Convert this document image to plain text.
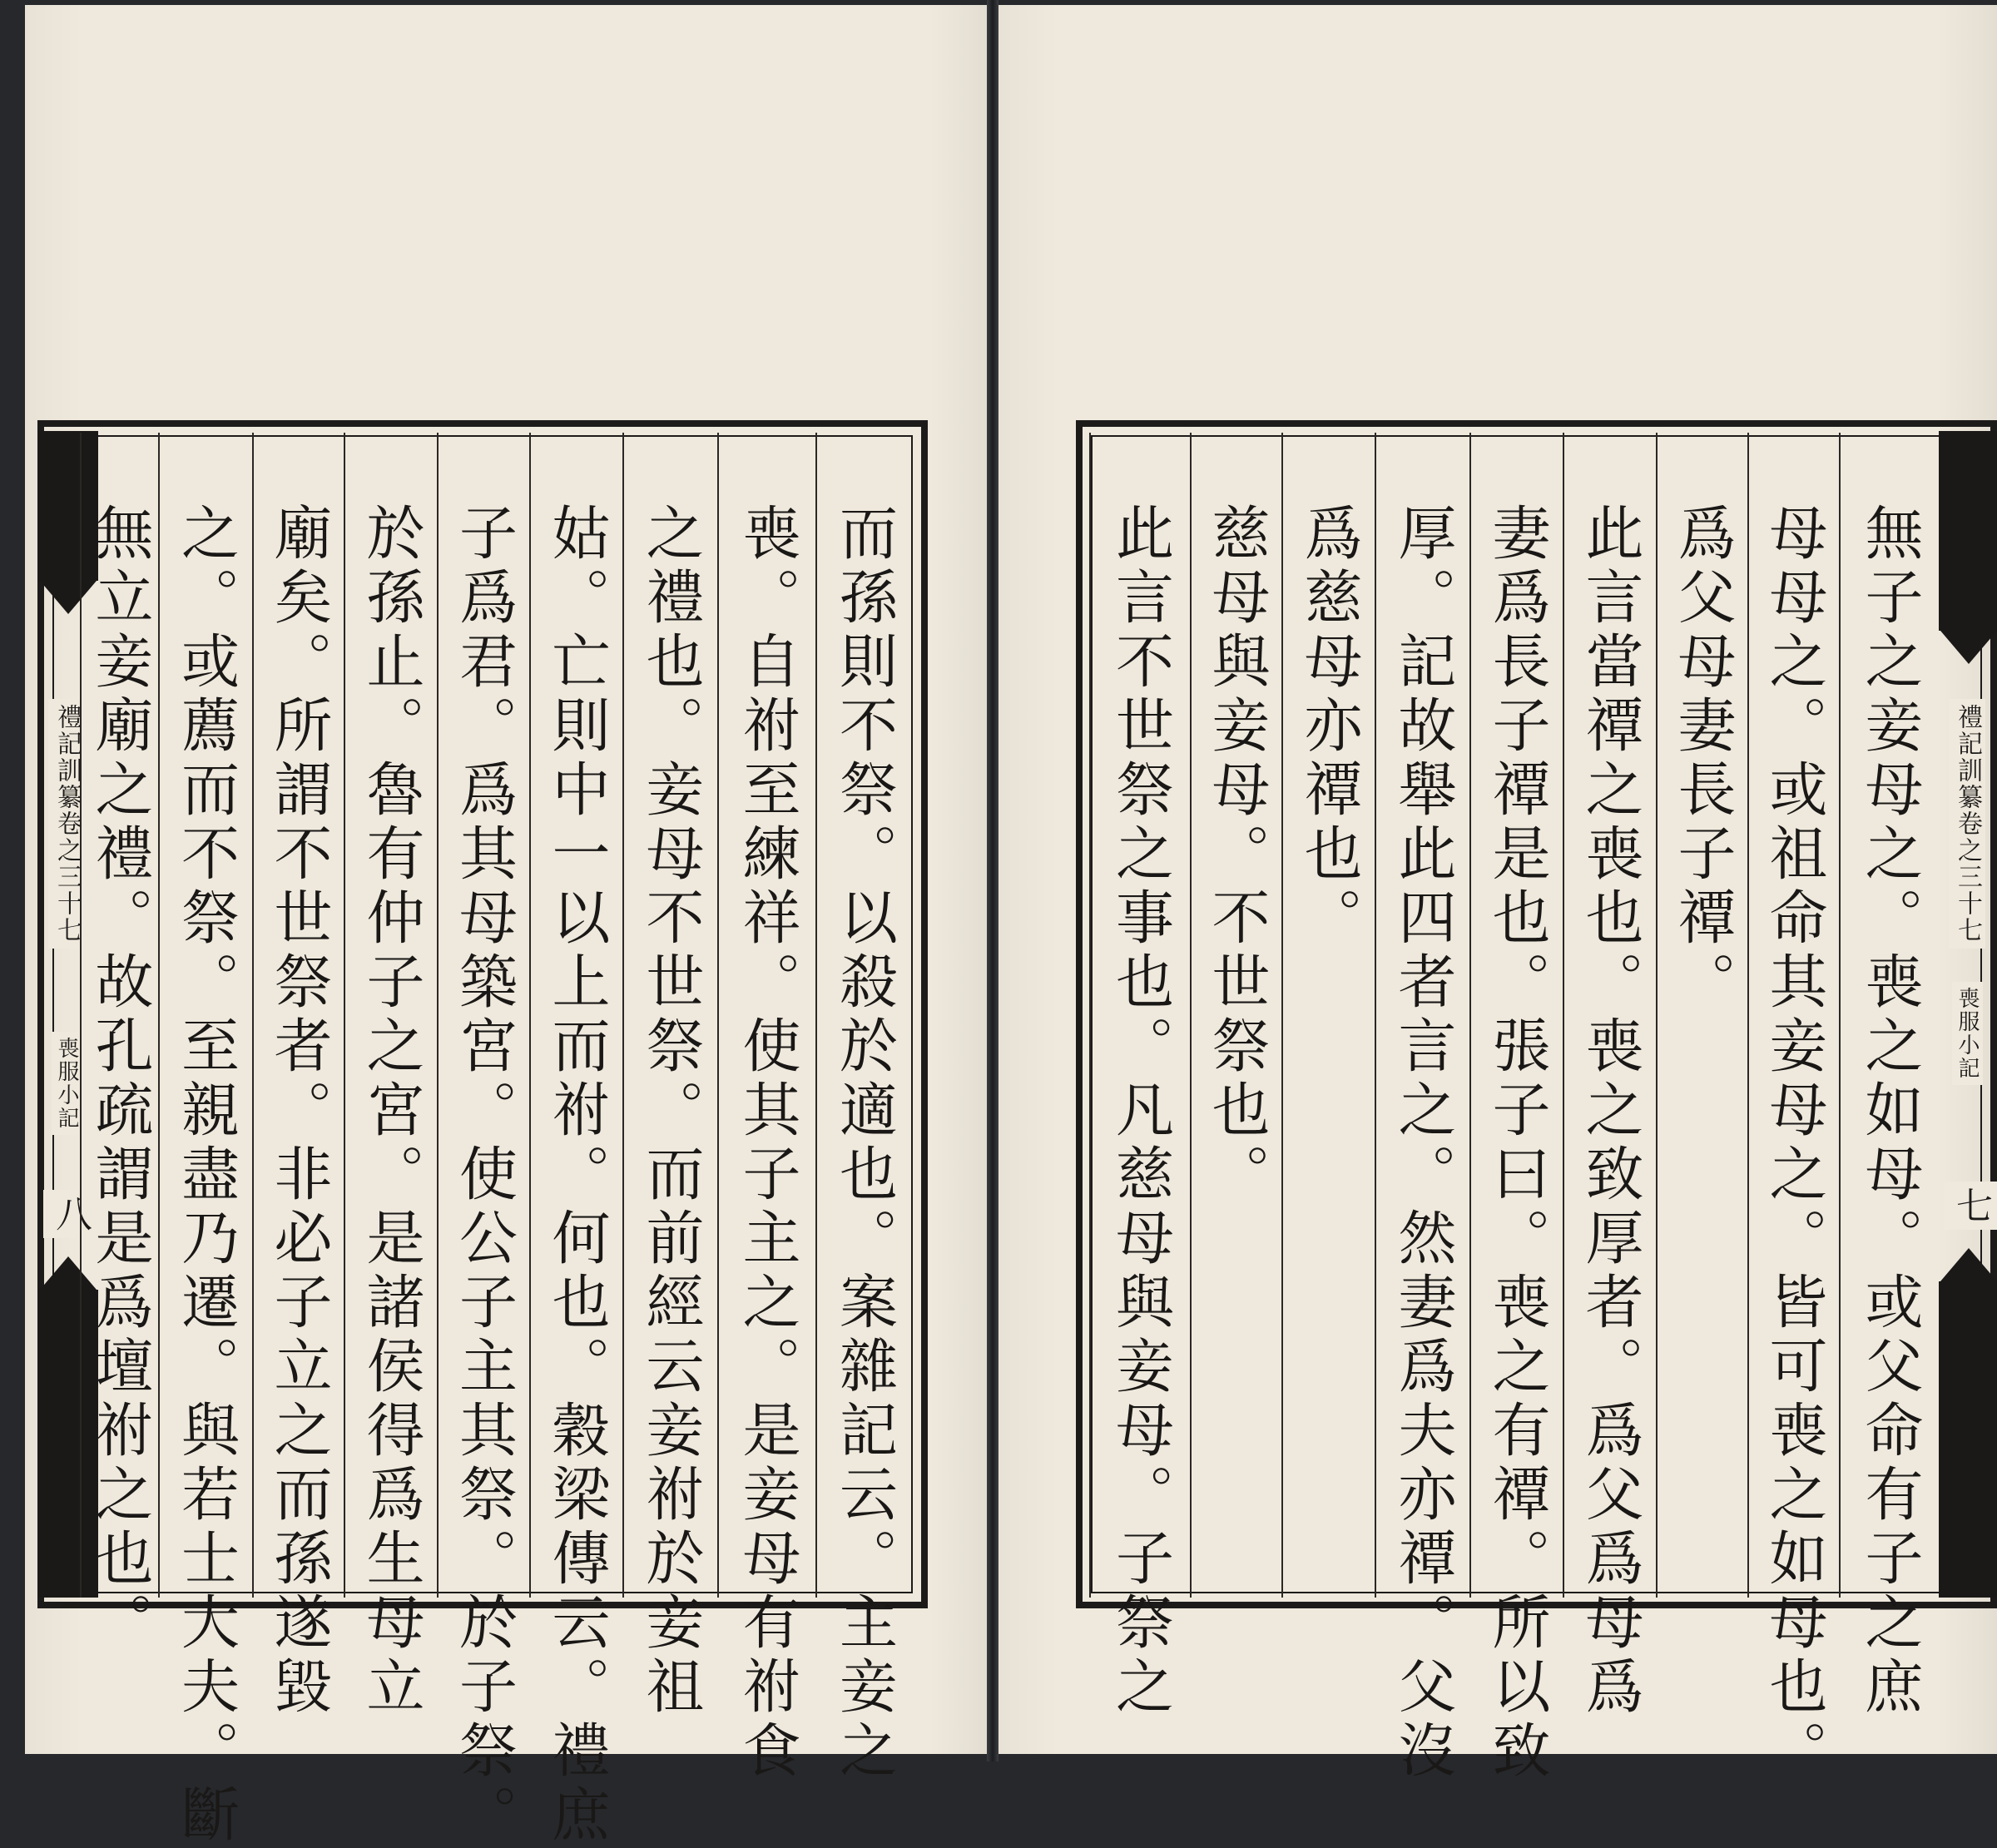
禮記訓纂卷之三十七
喪服小記
八	而孫則不祭。以殺於適也。案雜記云。主妾之
喪。自祔至練祥。使其子主之。是妾母有祔食
之禮也。妾母不世祭。而前經云妾祔於妾祖
姑。亡則中一以上而祔。何也。穀梁傳云。禮庶
子爲君。爲其母築宮。使公子主其祭。於子祭。
於孫止。魯有仲子之宮。是諸侯得爲生母立
廟矣。所謂不世祭者。非必子立之而孫遂毀
之。或薦而不祭。至親盡乃遷。與若士大夫。斷
無立妾廟之禮。故孔疏謂是爲壇祔之也。	禮記訓纂卷之三十七
喪服小記
七
無子之妾母之。喪之如母。或父命有子之庶
母母之。或祖命其妾母之。皆可喪之如母也。
爲父母妻長子禫。
此言當禫之喪也。喪之致厚者。爲父爲母爲
妻爲長子禫是也。張子曰。喪之有禫。所以致
厚。記故舉此四者言之。然妻爲夫亦禫。父沒
爲慈母亦禫也。
慈母與妾母。不世祭也。
此言不世祭之事也。凡慈母與妾母。子祭之
